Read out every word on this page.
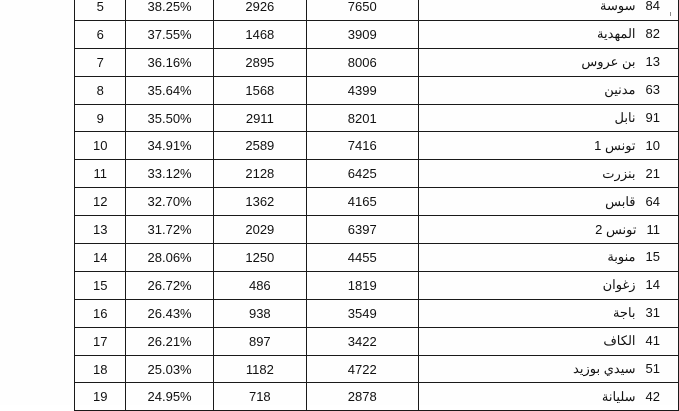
5	38.25%	2926	7650	سوسة 84
6	37.55%	1468	3909	المهدية 82
7	36.16%	2895	8006	بن عروس 13
8	35.64%	1568	4399	مدنين 63
9	35.50%	2911	8201	نابل 91
10	34.91%	2589	7416	تونس 1 10
11	33.12%	2128	6425	بنزرت 21
12	32.70%	1362	4165	قابس 64
13	31.72%	2029	6397	تونس 2 11
14	28.06%	1250	4455	منوبة 15
15	26.72%	486	1819	زغوان 14
16	26.43%	938	3549	باجة 31
17	26.21%	897	3422	الكاف 41
18	25.03%	1182	4722	سيدي بوزيد 51
19	24.95%	718	2878	سليانة 42
